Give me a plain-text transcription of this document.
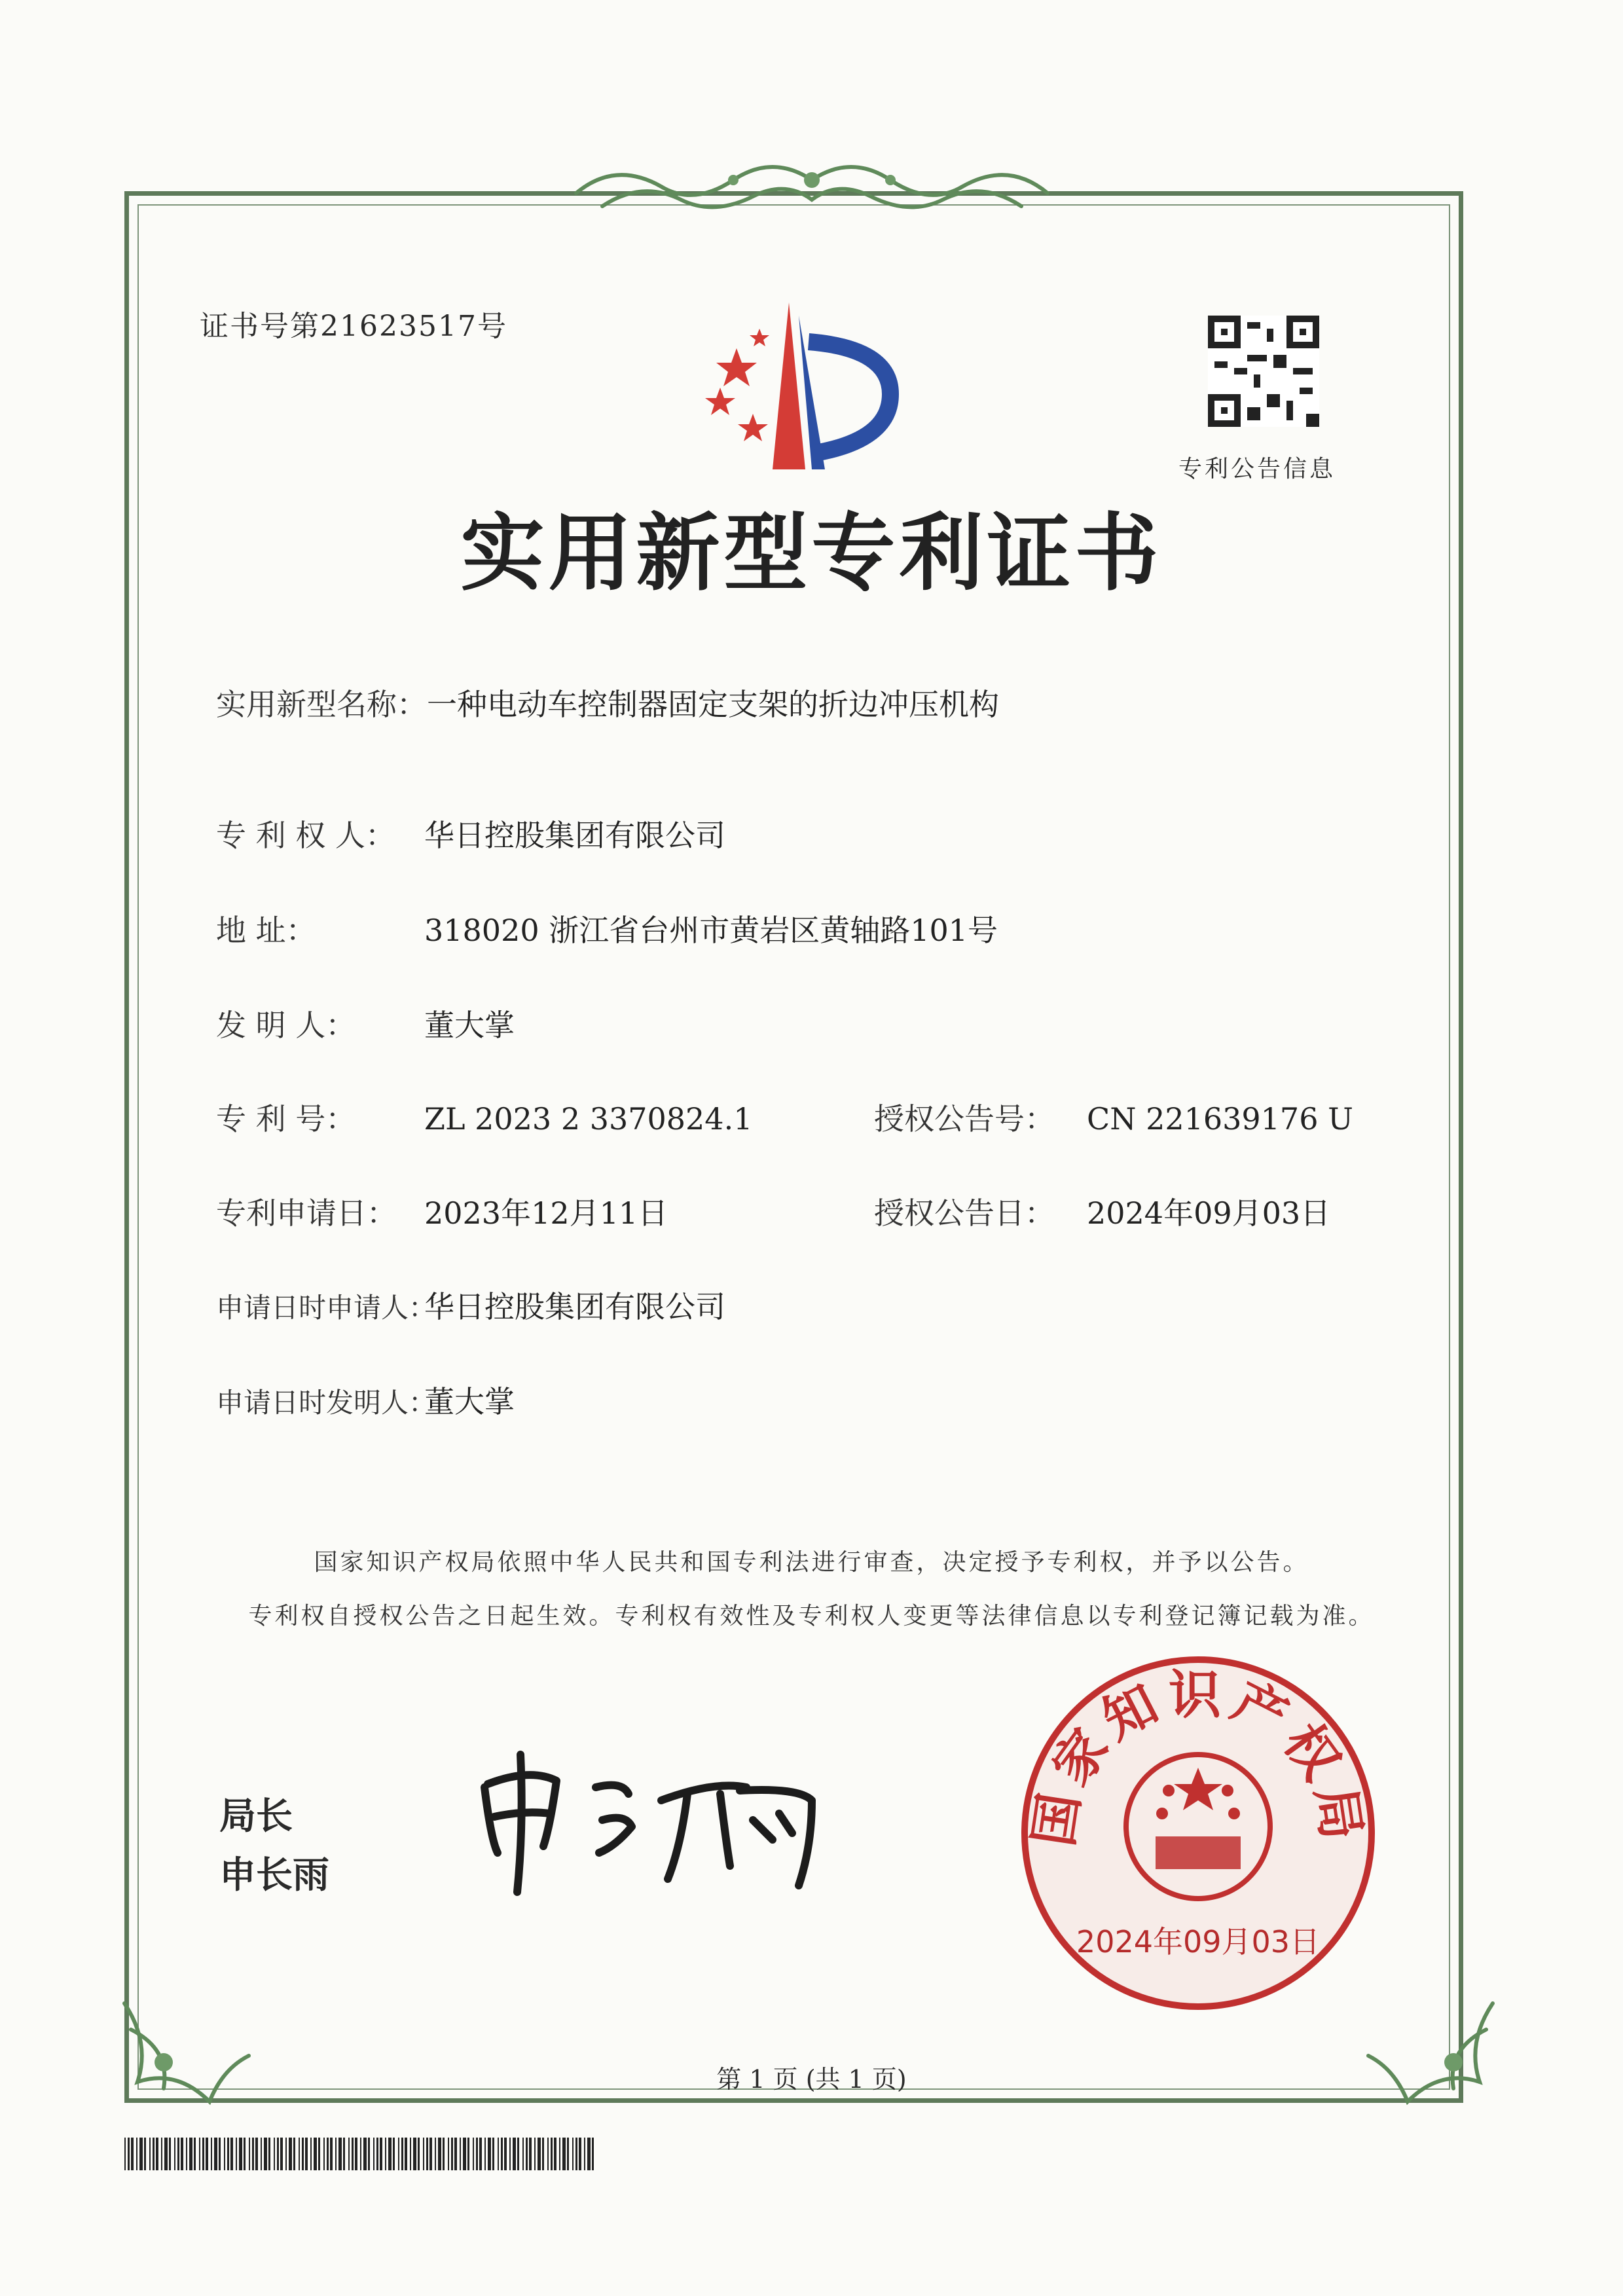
证书号第21623517号
专利公告信息
实用新型专利证书
实用新型名称：一种电动车控制器固定支架的折边冲压机构
专 利 权 人： 华日控股集团有限公司
地 址：	318020 浙江省台州市黄岩区黄轴路101号
发 明 人： 董大掌
专 利 号： ZL 2023 2 3370824.1	授权公告号： CN 221639176 U
专利申请日： 2023年12月11日	授权公告日： 2024年09月03日
申请日时申请人：华日控股集团有限公司
申请日时发明人：董大掌
国家知识产权局依照中华人民共和国专利法进行审查，决定授予专利权，并予以公告。
专利权自授权公告之日起生效。专利权有效性及专利权人变更等法律信息以专利登记簿记载为准。
局长
申长雨
国家知识产权局
2024年09月03日
第 1 页 (共 1 页)
